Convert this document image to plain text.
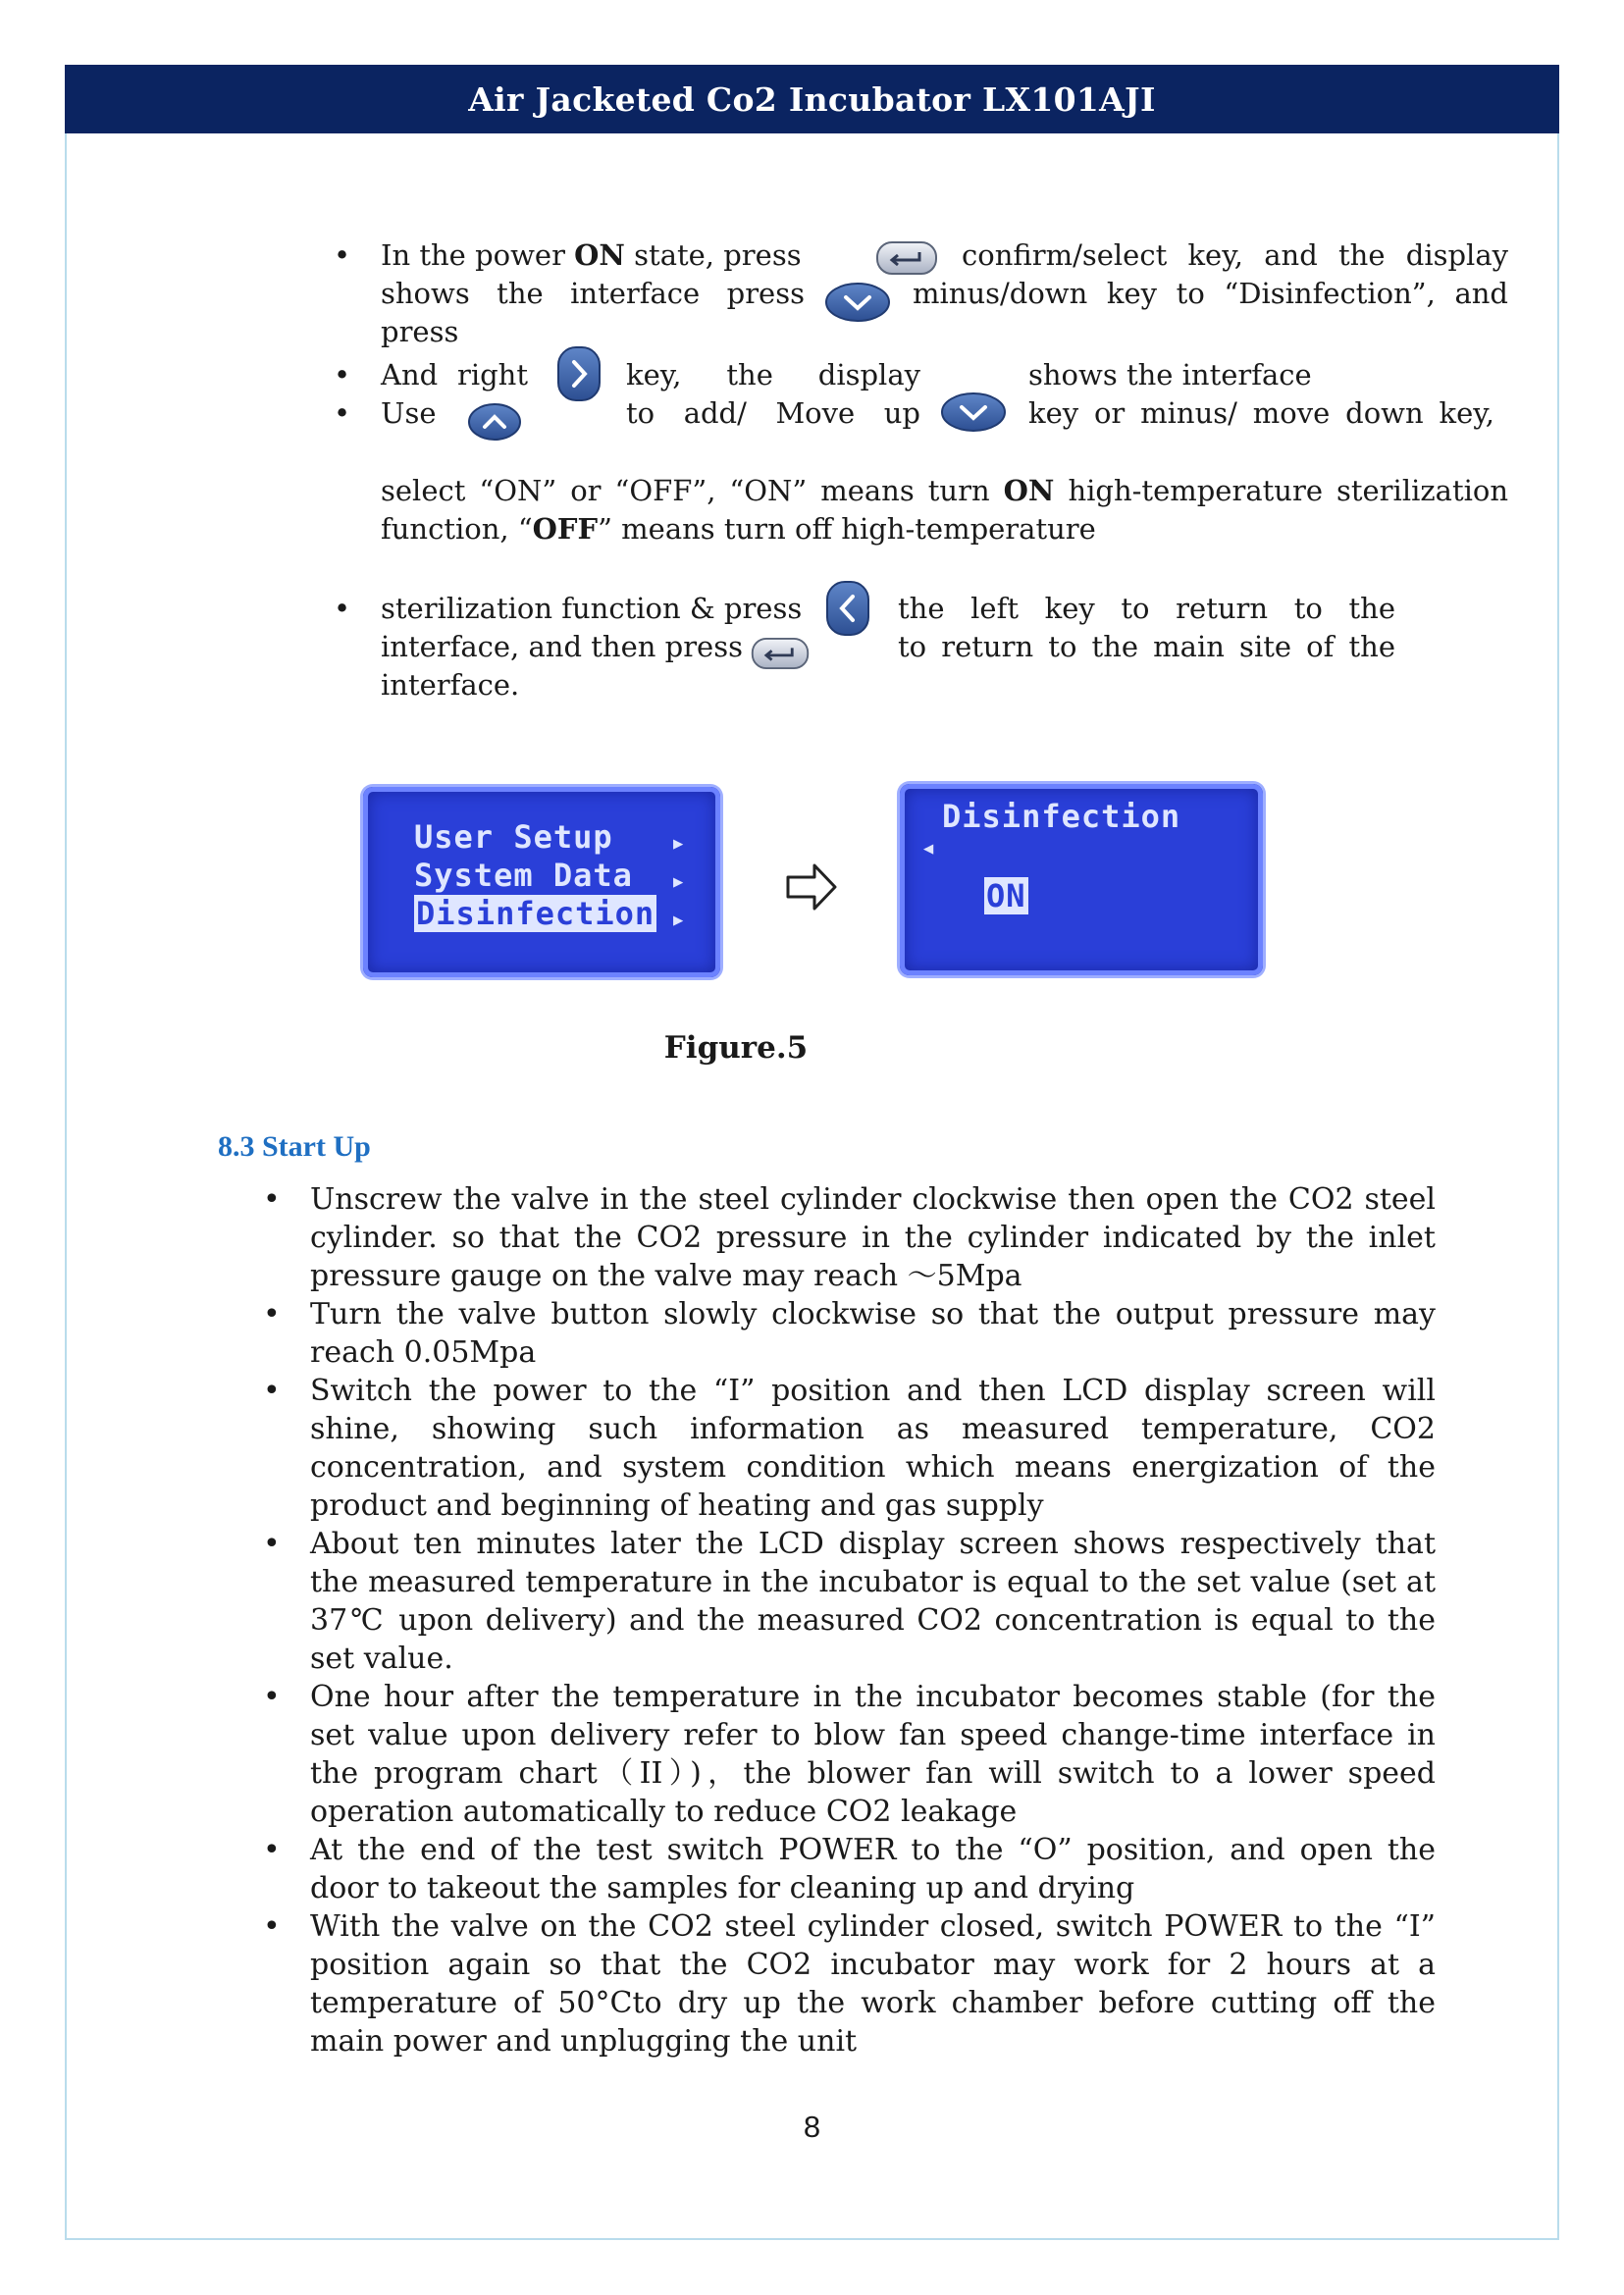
Air Jacketed Co2 Incubator LX101AJI
•
•
•
•
In the power ON state, press	confirm/select key, and the display
shows the interface press	minus/down key to “Disinfection”, and
press
And right	key, the display	shows the interface
Use	to add/ Move up	key or minus/ move down key,
select “ON” or “OFF”, “ON” means turn ON high-temperature sterilization
function, “OFF” means turn off high-temperature
sterilization function & press	the left key to return to the
interface, and then press	to return to the main site of the
interface.
User Setup
System Data
Disinfection
▶
▶
▶
Disinfection
◀
ON
Figure.5
8.3 Start Up
• Unscrew the valve in the steel cylinder clockwise then open the CO2 steel cylinder. so that the CO2 pressure in the cylinder indicated by the inlet pressure gauge on the valve may reach ～5Mpa
• Turn the valve button slowly clockwise so that the output pressure may reach 0.05Mpa
• Switch the power to the “I” position and then LCD display screen will shine, showing such information as measured temperature, CO2 concentration, and system condition which means energization of the product and beginning of heating and gas supply
• About ten minutes later the LCD display screen shows respectively that the measured temperature in the incubator is equal to the set value (set at 37℃ upon delivery) and the measured CO2 concentration is equal to the set value.
• One hour after the temperature in the incubator becomes stable (for the set value upon delivery refer to blow fan speed change-time interface in the program chart（II）)，the blower fan will switch to a lower speed operation automatically to reduce CO2 leakage
• At the end of the test switch POWER to the “O” position, and open the door to takeout the samples for cleaning up and drying
• With the valve on the CO2 steel cylinder closed, switch POWER to the “I” position again so that the CO2 incubator may work for 2 hours at a temperature of 50°Cto dry up the work chamber before cutting off the main power and unplugging the unit
8
